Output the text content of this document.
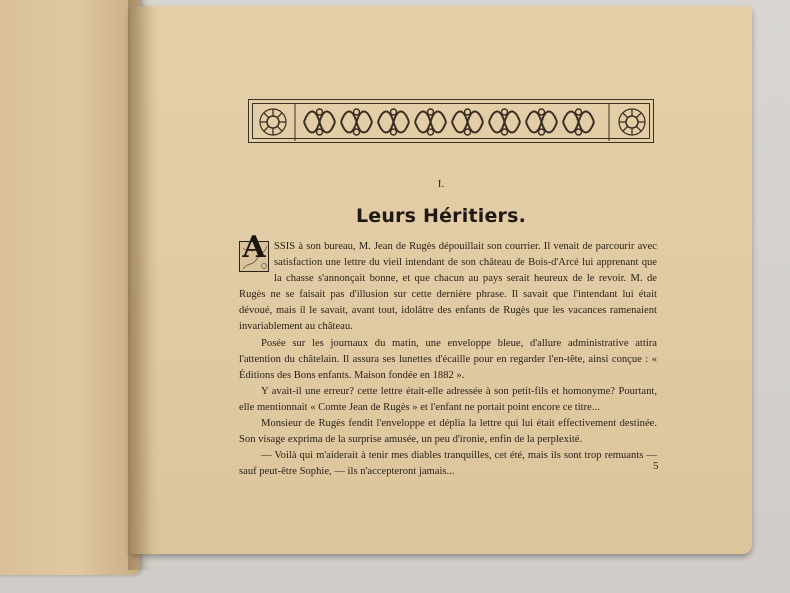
I.
Leurs Héritiers.

A SSIS à son bureau, M. Jean de Rugès dépouillait son courrier. Il venait de parcourir avec satisfaction une lettre du vieil intendant de son château de Bois-d'Arcé lui apprenant que la chasse s'annonçait bonne, et que chacun au pays serait heureux de le revoir. M. de Rugès ne se faisait pas d'illusion sur cette dernière phrase. Il savait que l'intendant lui était dévoué, mais il le savait, avant tout, idolâtre des enfants de Rugès que les vacances ramenaient invariablement au château.

Posée sur les journaux du matin, une enveloppe bleue, d'allure administrative attira l'attention du châtelain. Il assura ses lunettes d'écaille pour en regarder l'en-tête, ainsi conçue : « Éditions des Bons enfants. Maison fondée en 1882 ».

Y avait-il une erreur? cette lettre était-elle adressée à son petit-fils et homonyme? Pourtant, elle mentionnait « Comte Jean de Rugès » et l'enfant ne portait point encore ce titre...

Monsieur de Rugès fendit l'enveloppe et déplia la lettre qui lui était effectivement destinée. Son visage exprima de la surprise amusée, un peu d'ironie, enfin de la perplexité.

— Voilà qui m'aiderait à tenir mes diables tranquilles, cet été, mais ils sont trop remuants — sauf peut-être Sophie, — ils n'accepteront jamais...	5
